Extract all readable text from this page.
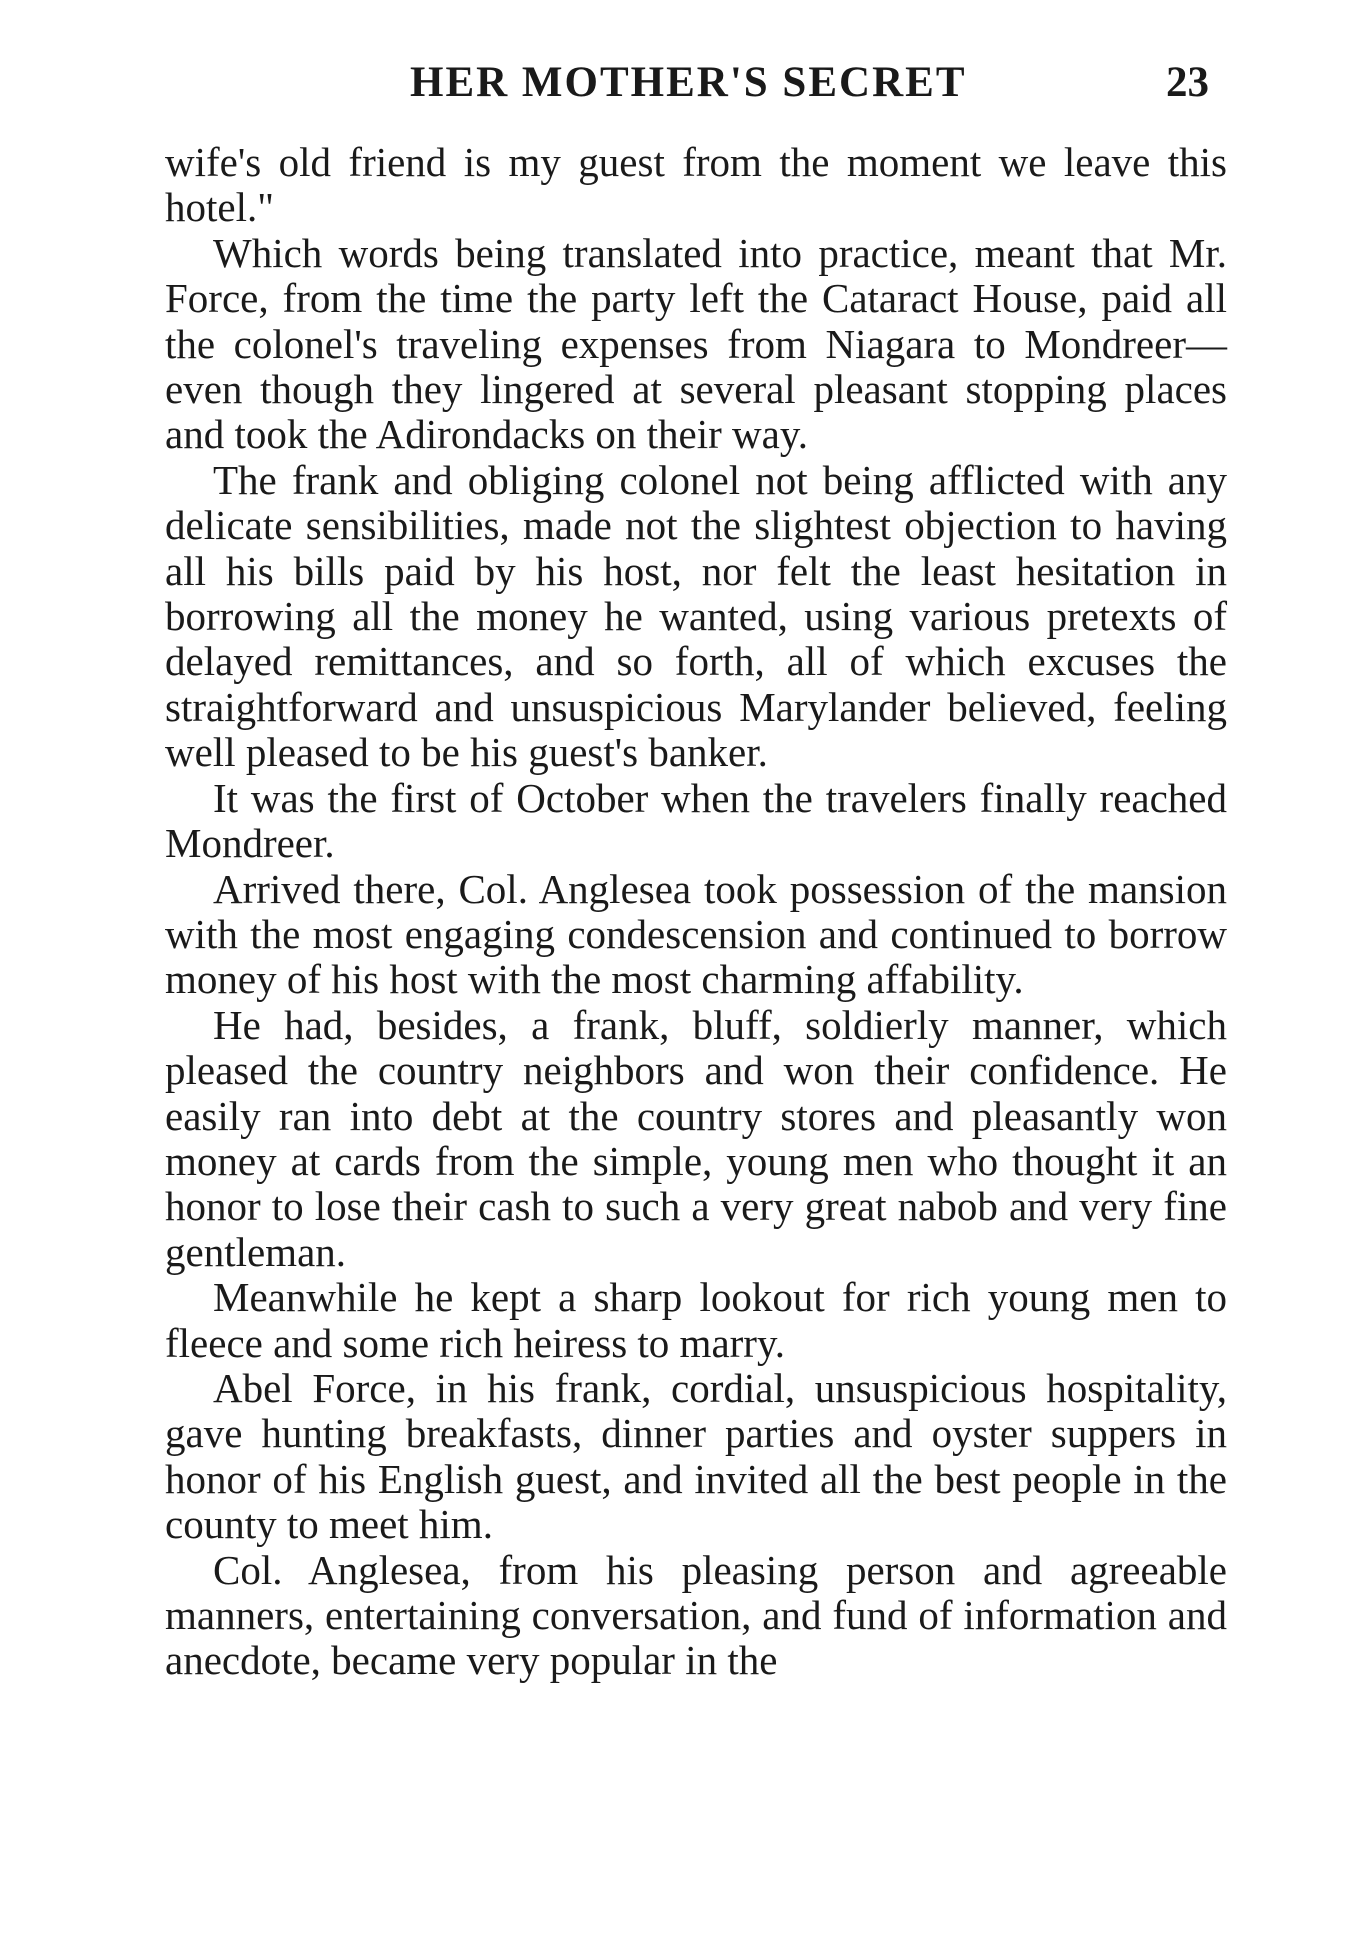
HER MOTHER'S SECRET	23

wife's old friend is my guest from the moment we leave this hotel."

Which words being translated into practice, meant that Mr. Force, from the time the party left the Cataract House, paid all the colonel's traveling expenses from Niagara to Mondreer—even though they lingered at several pleasant stopping places and took the Adirondacks on their way.

The frank and obliging colonel not being afflicted with any delicate sensibilities, made not the slightest objection to having all his bills paid by his host, nor felt the least hesitation in borrowing all the money he wanted, using various pretexts of delayed remittances, and so forth, all of which excuses the straightforward and unsuspicious Marylander believed, feeling well pleased to be his guest's banker.

It was the first of October when the travelers finally reached Mondreer.

Arrived there, Col. Anglesea took possession of the mansion with the most engaging condescension and continued to borrow money of his host with the most charming affability.

He had, besides, a frank, bluff, soldierly manner, which pleased the country neighbors and won their confidence. He easily ran into debt at the country stores and pleasantly won money at cards from the simple, young men who thought it an honor to lose their cash to such a very great nabob and very fine gentleman.

Meanwhile he kept a sharp lookout for rich young men to fleece and some rich heiress to marry.

Abel Force, in his frank, cordial, unsuspicious hospitality, gave hunting breakfasts, dinner parties and oyster suppers in honor of his English guest, and invited all the best people in the county to meet him.

Col. Anglesea, from his pleasing person and agreeable manners, entertaining conversation, and fund of information and anecdote, became very popular in the
